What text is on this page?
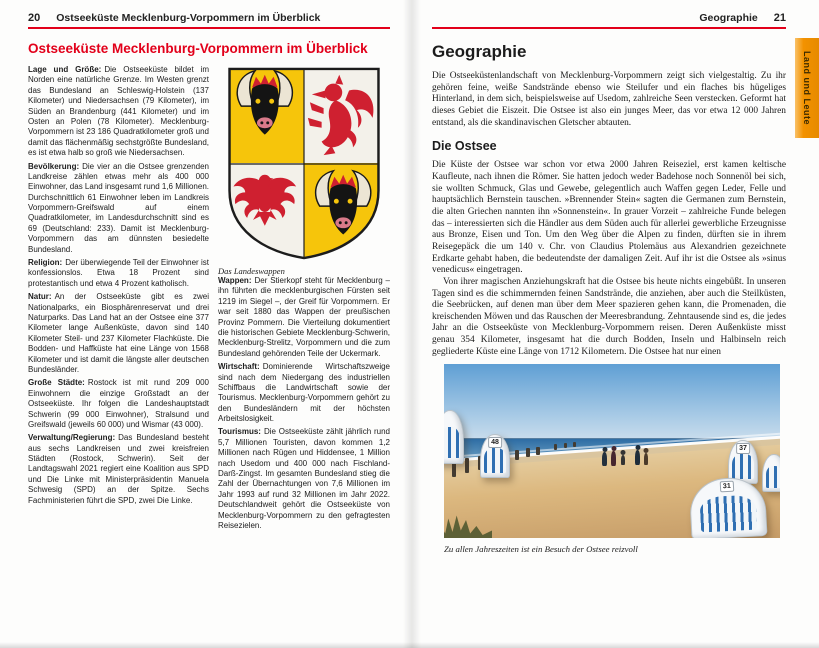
20 Ostseeküste Mecklenburg-Vorpommern im Überblick
Ostseeküste Mecklenburg-Vorpommern im Überblick

Lage und Größe: Die Ostseeküste bildet im Norden eine natürliche Grenze. Im Westen grenzt das Bundesland an Schleswig-Holstein (137 Kilometer) und Niedersachsen (79 Kilometer), im Süden an Brandenburg (441 Kilometer) und im Osten an Polen (78 Kilometer). Mecklenburg-Vorpommern ist 23 186 Quadratkilometer groß und damit das flächenmäßig sechstgrößte Bundesland, es ist etwa halb so groß wie Niedersachsen.

Bevölkerung: Die vier an die Ostsee grenzenden Landkreise zählen etwas mehr als 400 000 Einwohner, das Land insgesamt rund 1,6 Millionen. Durchschnittlich 61 Einwohner leben im Landkreis Vorpommern-Greifswald auf einem Quadratkilometer, im Landesdurchschnitt sind es 69 (Deutschland: 233). Damit ist Mecklenburg-Vorpommern das am dünnsten besiedelte Bundesland.

Religion: Der überwiegende Teil der Einwohner ist konfessionslos. Etwa 18 Prozent sind protestantisch und etwa 4 Prozent katholisch.

Natur: An der Ostseeküste gibt es zwei Nationalparks, ein Biosphärenreservat und drei Naturparks. Das Land hat an der Ostsee eine 377 Kilometer lange Außenküste, davon sind 140 Kilometer Steil- und 237 Kilometer Flachküste. Die Bodden- und Haffküste hat eine Länge von 1568 Kilometer und ist damit die längste aller deutschen Bundesländer.

Große Städte: Rostock ist mit rund 209 000 Einwohnern die einzige Großstadt an der Ostseeküste. Ihr folgen die Landeshauptstadt Schwerin (99 000 Einwohner), Stralsund und Greifswald (jeweils 60 000) und Wismar (43 000).

Verwaltung/Regierung: Das Bundesland besteht aus sechs Landkreisen und zwei kreisfreien Städten (Rostock, Schwerin). Seit der Landtagswahl 2021 regiert eine Koalition aus SPD und Die Linke mit Ministerpräsidentin Manuela Schwesig (SPD) an der Spitze. Sechs Fachministerien führt die SPD, zwei Die Linke.

Das Landeswappen

Wappen: Der Stierkopf steht für Mecklenburg – ihn führten die mecklenburgischen Fürsten seit 1219 im Siegel –, der Greif für Vorpommern. Er war seit 1880 das Wappen der preußischen Provinz Pommern. Die Vierteilung dokumentiert die historischen Gebiete Mecklenburg-Schwerin, Mecklenburg-Strelitz, Vorpommern und die zum Bundesland gehörenden Teile der Uckermark.

Wirtschaft: Dominierende Wirtschaftszweige sind nach dem Niedergang des industriellen Schiffbaus die Landwirtschaft sowie der Tourismus. Mecklenburg-Vorpommern gehört zu den Bundesländern mit der höchsten Arbeitslosigkeit.

Tourismus: Die Ostseeküste zählt jährlich rund 5,7 Millionen Touristen, davon kommen 1,2 Millionen nach Rügen und Hiddensee, 1 Million nach Usedom und 400 000 nach Fischland-Darß-Zingst. Im gesamten Bundesland stieg die Zahl der Übernachtungen von 7,6 Millionen im Jahr 1993 auf rund 32 Millionen im Jahr 2022. Deutschlandweit gehört die Ostseeküste von Mecklenburg-Vorpommern zu den gefragtesten Reisezielen.

Geographie 21
Geographie

Die Ostseeküstenlandschaft von Mecklenburg-Vorpommern zeigt sich vielgestaltig. Zu ihr gehören feine, weiße Sandstrände ebenso wie Steilufer und ein flaches bis hügeliges Hinterland, in dem sich, beispielsweise auf Usedom, zahlreiche Seen verstecken. Geformt hat dieses Gebiet die Eiszeit. Die Ostsee ist also ein junges Meer, das vor etwa 12 000 Jahren entstand, als die skandinavischen Gletscher abtauten.

Die Ostsee

Die Küste der Ostsee war schon vor etwa 2000 Jahren Reiseziel, erst kamen keltische Kaufleute, nach ihnen die Römer. Sie hatten jedoch weder Badehose noch Sonnenöl bei sich, sie wollten Schmuck, Glas und Gewebe, gelegentlich auch Waffen gegen Leder, Felle und hauptsächlich Bernstein tauschen. »Brennender Stein« sagten die Germanen zum Bernstein, die alten Griechen nannten ihn »Sonnenstein«. In grauer Vorzeit – zahlreiche Funde belegen das – interessierten sich die Händler aus dem Süden auch für allerlei gewerbliche Erzeugnisse aus Bronze, Eisen und Ton. Um den Weg über die Alpen zu finden, dürften sie in ihrem Reisegepäck die um 140 v. Chr. von Claudius Ptolemäus aus Alexandrien gezeichnete Erdkarte gehabt haben, die bedeutendste der damaligen Zeit. Auf ihr ist die Ostsee als »sinus venedicus« eingetragen.

Von ihrer magischen Anziehungskraft hat die Ostsee bis heute nichts eingebüßt. In unseren Tagen sind es die schimmernden feinen Sandstrände, die anziehen, aber auch die Steilküsten, die Seebrücken, auf denen man über dem Meer spazieren gehen kann, die Promenaden, die kreischenden Möwen und das Rauschen der Meeresbrandung. Zehntausende sind es, die jedes Jahr an die Ostseeküste von Mecklenburg-Vorpommern reisen. Deren Außenküste misst genau 354 Kilometer, insgesamt hat die durch Bodden, Inseln und Halbinseln reich gegliederte Küste eine Länge von 1712 Kilometern. Die Ostsee hat nur einen

48
37
31
Zu allen Jahreszeiten ist ein Besuch der Ostsee reizvoll
Land und Leute
